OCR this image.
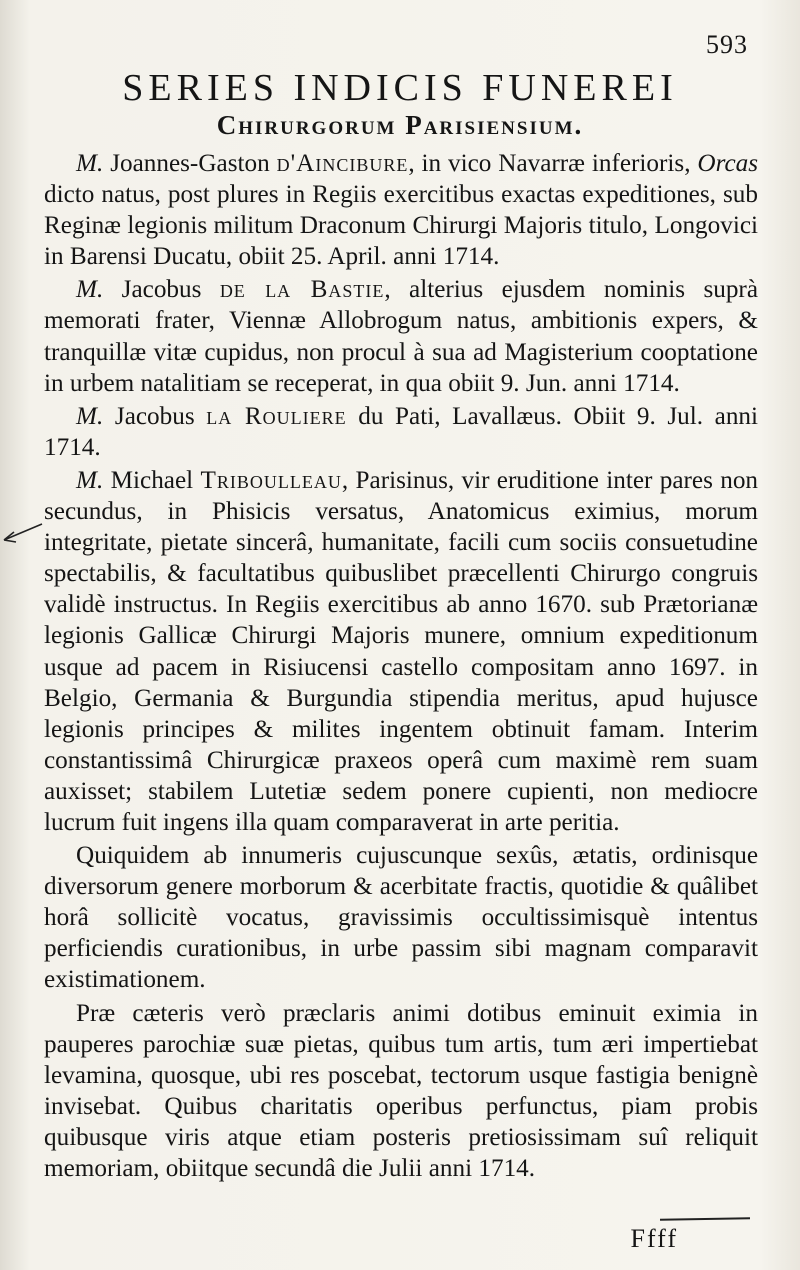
593
SERIES INDICIS FUNEREI
Chirurgorum Parisiensium.

M. Joannes-Gaston d'Aincibure, in vico Navarræ inferioris, Orcas dicto natus, post plures in Regiis exercitibus exactas expeditiones, sub Reginæ legionis militum Draconum Chirurgi Majoris titulo, Longovici in Barensi Ducatu, obiit 25. April. anni 1714.

M. Jacobus de la Bastie, alterius ejusdem nominis suprà memorati frater, Viennæ Allobrogum natus, ambitionis expers, & tranquillæ vitæ cupidus, non procul à sua ad Magisterium cooptatione in urbem natalitiam se receperat, in qua obiit 9. Jun. anni 1714.

M. Jacobus la Rouliere du Pati, Lavallæus. Obiit 9. Jul. anni 1714.

M. Michael Triboulleau, Parisinus, vir eruditione inter pares non secundus, in Phisicis versatus, Anatomicus eximius, morum integritate, pietate sincerâ, humanitate, facili cum sociis consuetudine spectabilis, & facultatibus quibuslibet præcellenti Chirurgo congruis validè instructus. In Regiis exercitibus ab anno 1670. sub Prætorianæ legionis Gallicæ Chirurgi Majoris munere, omnium expeditionum usque ad pacem in Risiucensi castello compositam anno 1697. in Belgio, Germania & Burgundia stipendia meritus, apud hujusce legionis principes & milites ingentem obtinuit famam. Interim constantissimâ Chirurgicæ praxeos operâ cum maximè rem suam auxisset; stabilem Lutetiæ sedem ponere cupienti, non mediocre lucrum fuit ingens illa quam comparaverat in arte peritia.

Quiquidem ab innumeris cujuscunque sexûs, ætatis, ordinisque diversorum genere morborum & acerbitate fractis, quotidie & quâlibet horâ sollicitè vocatus, gravissimis occultissimisquè intentus perficiendis curationibus, in urbe passim sibi magnam comparavit existimationem.

Præ cæteris verò præclaris animi dotibus eminuit eximia in pauperes parochiæ suæ pietas, quibus tum artis, tum æri impertiebat levamina, quosque, ubi res poscebat, tectorum usque fastigia benignè invisebat. Quibus charitatis operibus perfunctus, piam probis quibusque viris atque etiam posteris pretiosissimam suî reliquit memoriam, obiitque secundâ die Julii anni 1714.

Ffff
